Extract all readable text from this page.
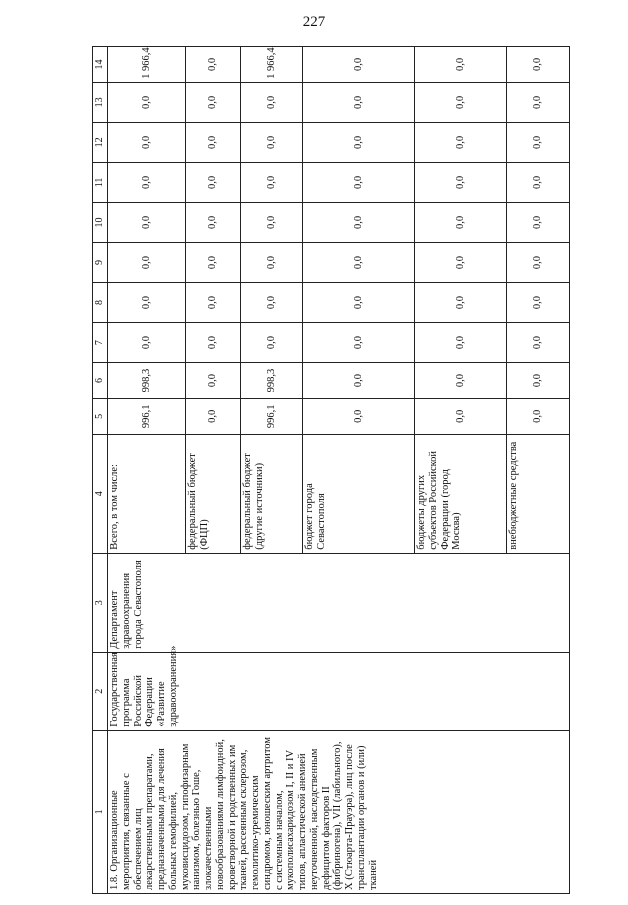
227
1	2	3	4	5	6	7	8	9	10	11	12	13	14
1.8. Организационные мероприятия, связанные с обеспечением лиц лекарственными препаратами, предназначенными для лечения больных гемофилией, муковисцидозом, гипофизарным нанизмом, болезнью Гоше, злокачественными новообразованиями лимфоидной, кроветворной и родственных им тканей, рассеянным склерозом, гемолитико-уремическим синдромом, юношеским артритом с системным началом, мукополисахаридозом I, II и IV типов, апластической анемией неуточненной, наследственным дефицитом факторов II (фибриногена), VII (лабильного), X (Стюарта-Прауэра), лиц после трансплантации органов и (или) тканей	Государственная программа Российской Федерации «Развитие здравоохранения»	Департамент здравоохранения города Севастополя	Всего, в том числе:	996,1	998,3	0,0	0,0	0,0	0,0	0,0	0,0	0,0	1 966,4
			федеральный бюджет (ФЦП)	0,0	0,0	0,0	0,0	0,0	0,0	0,0	0,0	0,0	0,0
			федеральный бюджет (другие источники)	996,1	998,3	0,0	0,0	0,0	0,0	0,0	0,0	0,0	1 966,4
			бюджет города Севастополя	0,0	0,0	0,0	0,0	0,0	0,0	0,0	0,0	0,0	0,0
			бюджеты других субъектов Российской Федерации (город Москва)	0,0	0,0	0,0	0,0	0,0	0,0	0,0	0,0	0,0	0,0
			внебюджетные средства	0,0	0,0	0,0	0,0	0,0	0,0	0,0	0,0	0,0	0,0
